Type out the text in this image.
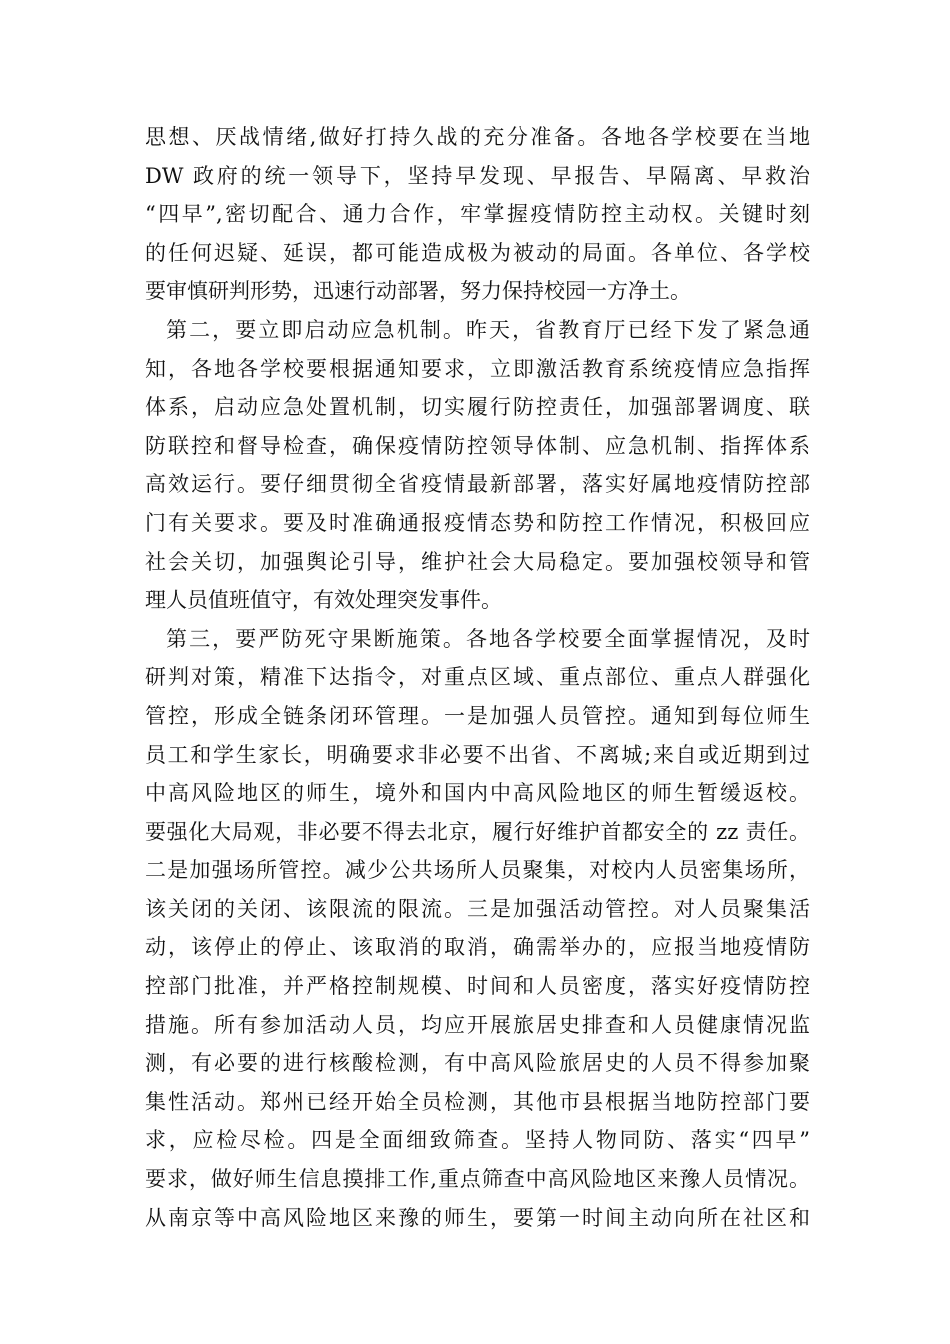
思想、厌战情绪,做好打持久战的充分准备。各地各学校要在当地
DW 政府的统一领导下，坚持早发现、早报告、早隔离、早救治
“四早”,密切配合、通力合作，牢掌握疫情防控主动权。关键时刻
的任何迟疑、延误，都可能造成极为被动的局面。各单位、各学校
要审慎研判形势，迅速行动部署，努力保持校园一方净土。
第二，要立即启动应急机制。昨天，省教育厅已经下发了紧急通
知，各地各学校要根据通知要求，立即激活教育系统疫情应急指挥
体系，启动应急处置机制，切实履行防控责任，加强部署调度、联
防联控和督导检查，确保疫情防控领导体制、应急机制、指挥体系
高效运行。要仔细贯彻全省疫情最新部署，落实好属地疫情防控部
门有关要求。要及时准确通报疫情态势和防控工作情况，积极回应
社会关切，加强舆论引导，维护社会大局稳定。要加强校领导和管
理人员值班值守，有效处理突发事件。
第三，要严防死守果断施策。各地各学校要全面掌握情况，及时
研判对策，精准下达指令，对重点区域、重点部位、重点人群强化
管控，形成全链条闭环管理。一是加强人员管控。通知到每位师生
员工和学生家长，明确要求非必要不出省、不离城;来自或近期到过
中高风险地区的师生，境外和国内中高风险地区的师生暂缓返校。
要强化大局观，非必要不得去北京，履行好维护首都安全的 zz 责任。
二是加强场所管控。减少公共场所人员聚集，对校内人员密集场所，
该关闭的关闭、该限流的限流。三是加强活动管控。对人员聚集活
动，该停止的停止、该取消的取消，确需举办的，应报当地疫情防
控部门批准，并严格控制规模、时间和人员密度，落实好疫情防控
措施。所有参加活动人员，均应开展旅居史排查和人员健康情况监
测，有必要的进行核酸检测，有中高风险旅居史的人员不得参加聚
集性活动。郑州已经开始全员检测，其他市县根据当地防控部门要
求，应检尽检。四是全面细致筛查。坚持人物同防、落实“四早”
要求，做好师生信息摸排工作,重点筛查中高风险地区来豫人员情况。
从南京等中高风险地区来豫的师生，要第一时间主动向所在社区和
